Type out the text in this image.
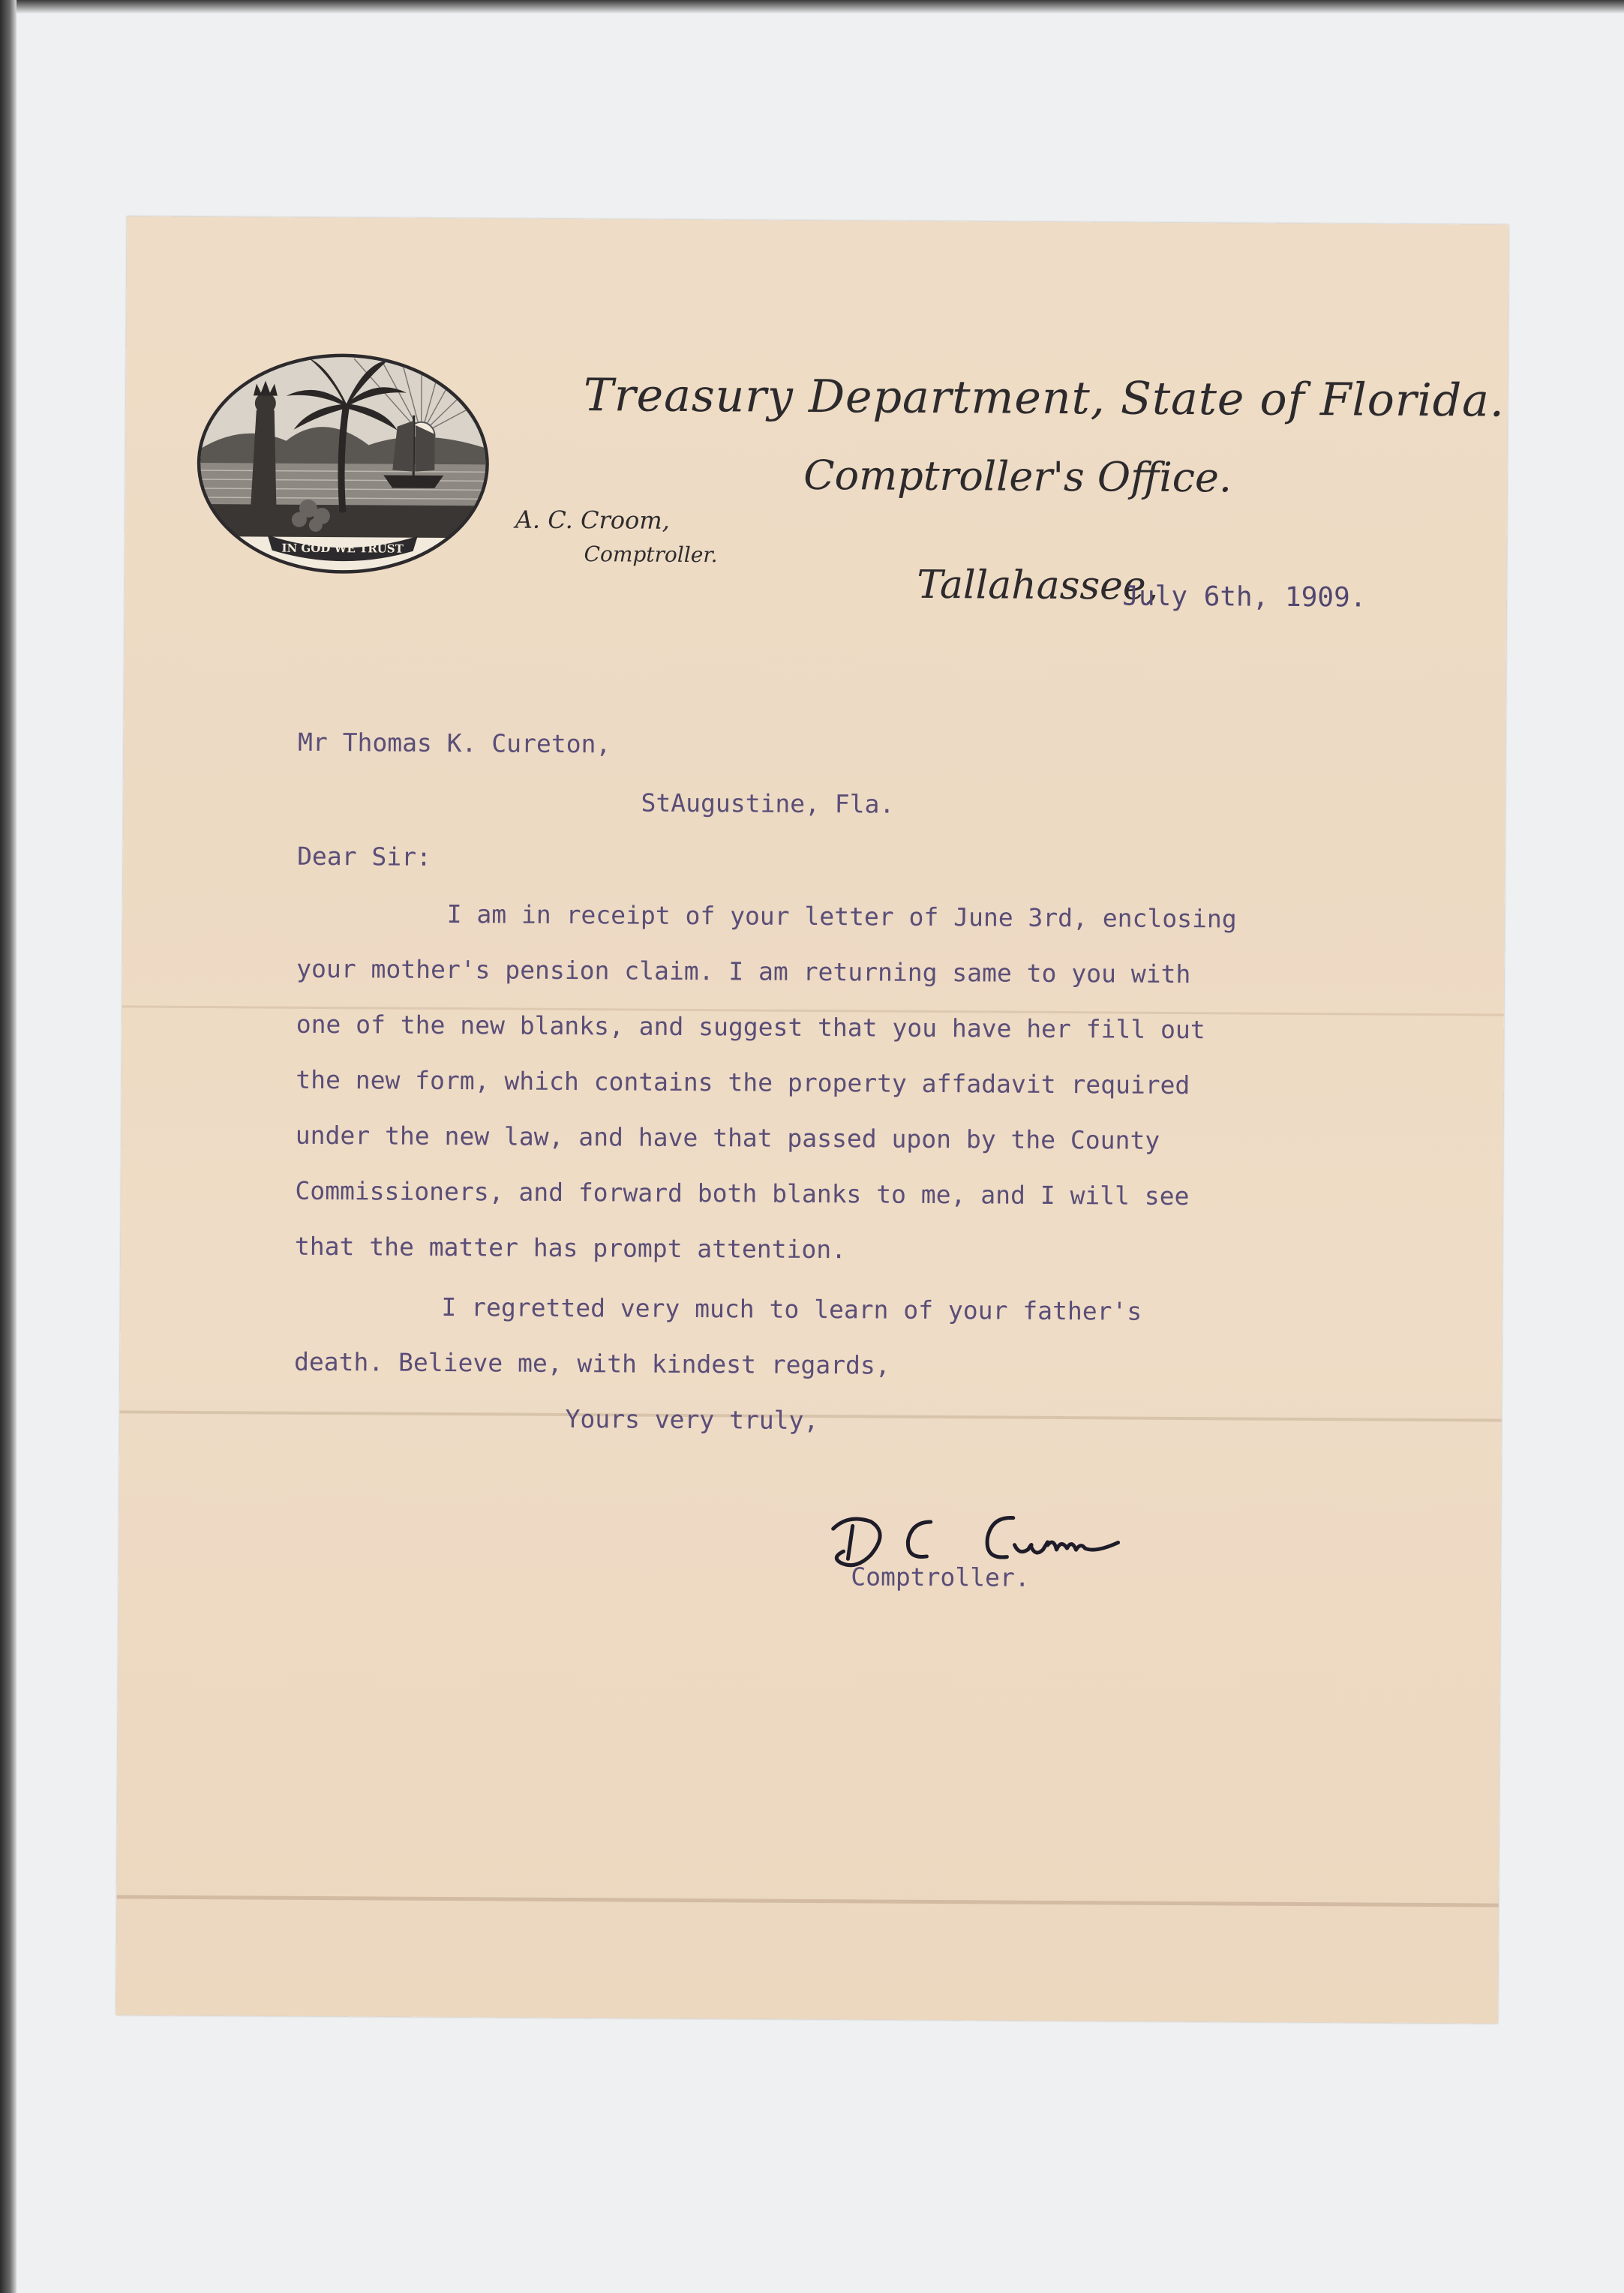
IN GOD WE TRUST
Treasury Department, State of Florida.
Comptroller's Office.
A. C. Croom,
Comptroller.
Tallahassee,
July 6th, 1909.
Mr Thomas K. Cureton,
StAugustine, Fla.
Dear Sir:
I am in receipt of your letter of June 3rd, enclosing
your mother's pension claim. I am returning same to you with
one of the new blanks, and suggest that you have her fill out
the new form, which contains the property affadavit required
under the new law, and have that passed upon by the County
Commissioners, and forward both blanks to me, and I will see
that the matter has prompt attention.
I regretted very much to learn of your father's
death. Believe me, with kindest regards,
Yours very truly,
Comptroller.
